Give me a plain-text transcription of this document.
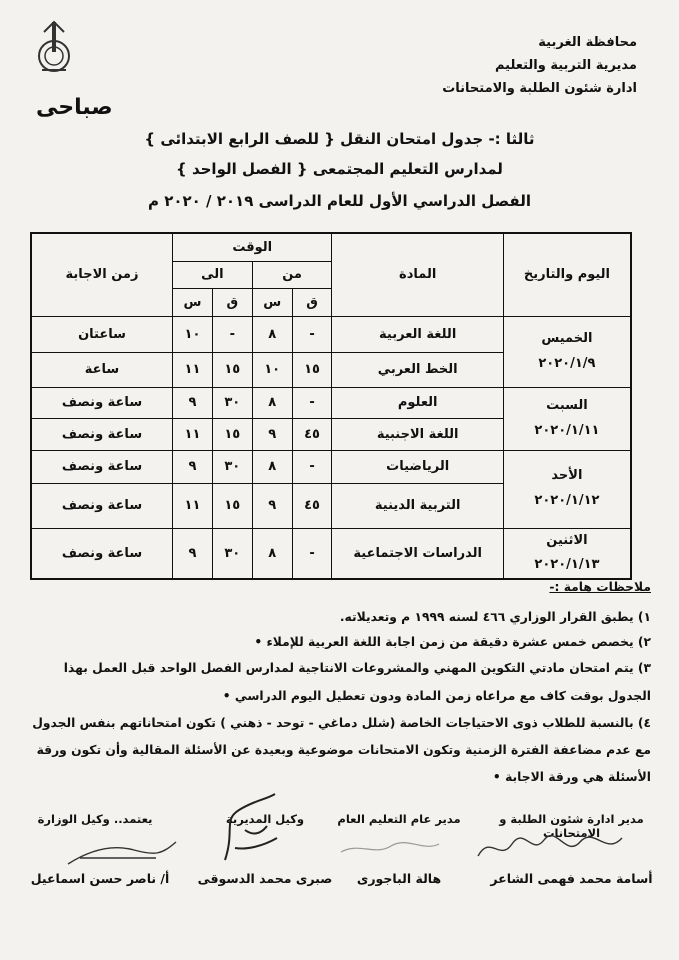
محافظة الغربية
مديرية التربية والتعليم
ادارة شئون الطلبة والامتحانات
صباحى
ثالثا :- جدول امتحان النقل { للصف الرابع الابتدائى }
لمدارس التعليم المجتمعى { الفصل الواحد }
الفصل الدراسي الأول للعام الدراسى ٢٠١٩ / ٢٠٢٠ م
اليوم والتاريخ	المادة	الوقت				زمن الاجابة
		من		الى		
		ق	س	ق	س	

الخميس
٢٠٢٠/١/٩	اللغة العربية	-	٨	-	١٠	ساعتان
	الخط العربي	١٥	١٠	١٥	١١	ساعة

السبت
٢٠٢٠/١/١١	العلوم	-	٨	٣٠	٩	ساعة ونصف
	اللغة الاجنبية	٤٥	٩	١٥	١١	ساعة ونصف

الأحد
٢٠٢٠/١/١٢	الرياضيات	-	٨	٣٠	٩	ساعة ونصف
	التربية الدينية	٤٥	٩	١٥	١١	ساعة ونصف

الاثنين
٢٠٢٠/١/١٣	الدراسات الاجتماعية	-	٨	٣٠	٩	ساعة ونصف
ملاحظات هامة :-
١) يطبق القرار الوزاري ٤٦٦ لسنه ١٩٩٩ م وتعديلاته.
٢) يخصص خمس عشرة دقيقة من زمن اجابة اللغة العربية للإملاء •
٣) يتم امتحان مادتي التكوين المهني والمشروعات الانتاجية لمدارس الفصل الواحد قبل العمل بهذا
الجدول بوقت كاف مع مراعاه زمن المادة ودون تعطيل اليوم الدراسي •
٤) بالنسبة للطلاب ذوى الاحتياجات الخاصة (شلل دماغي - توحد - ذهني ) تكون امتحاناتهم بنفس الجدول
مع عدم مضاعفة الفترة الزمنية وتكون الامتحانات موضوعية وبعيدة عن الأسئلة المقالية وأن تكون ورقة
الأسئلة هي ورقة الاجابة •
مدير ادارة شئون الطلبة و الامتحانات
مدير عام التعليم العام
وكيل المديرية
يعتمد.. وكيل الوزارة
أسامة محمد فهمى الشاعر
هالة الباجورى
صبرى محمد الدسوقى
أ/ ناصر حسن اسماعيل
